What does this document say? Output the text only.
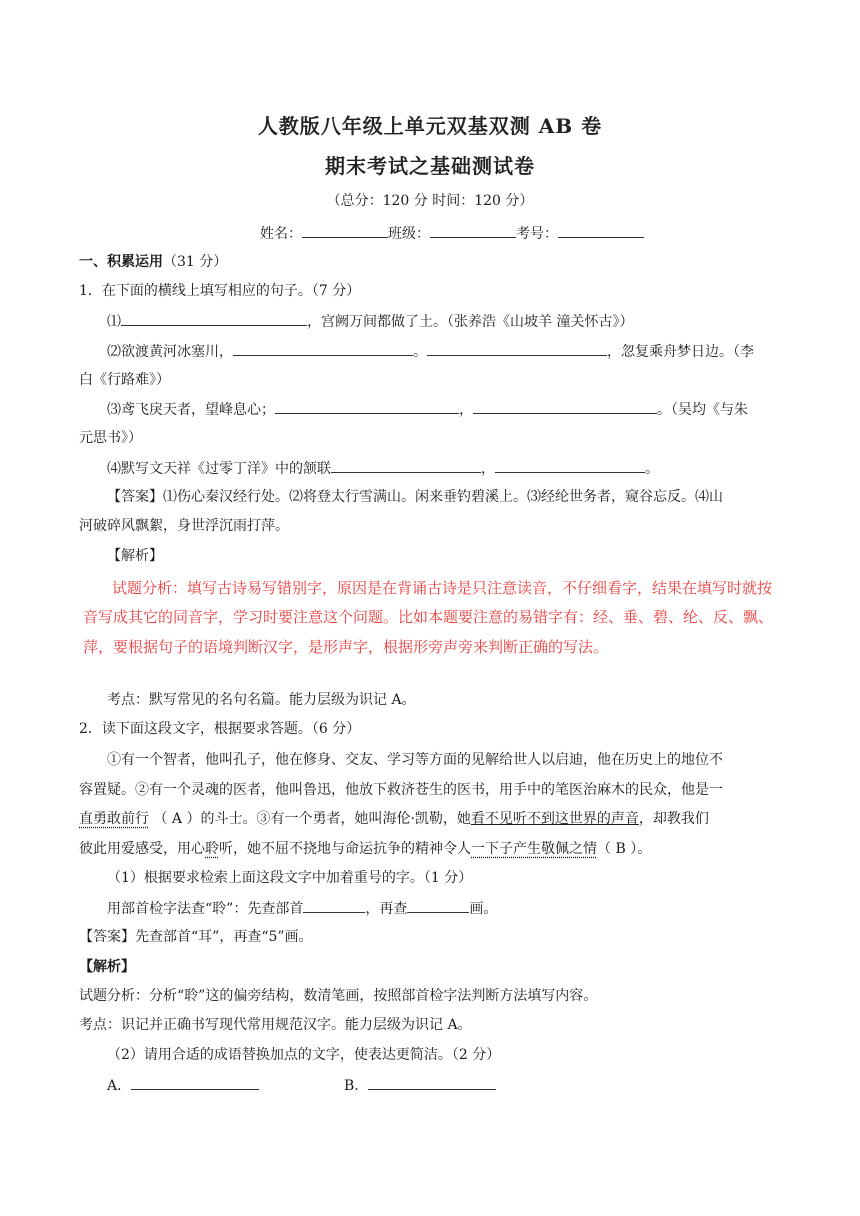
人教版八年级上单元双基双测 AB 卷
期末考试之基础测试卷
（总分：120 分 时间：120 分）
姓名：	班级：	考号：
一、积累运用（31 分）
1．在下面的横线上填写相应的句子。（7 分）
⑴	，宫阙万间都做了土。（张养浩《山坡羊 潼关怀古》）
⑵欲渡黄河冰塞川，	。	，忽复乘舟梦日边。（李
白《行路难》）
⑶鸢飞戾天者，望峰息心；	，	。（吴均《与朱
元思书》）
⑷默写文天祥《过零丁洋》中的颔联	，	。
【答案】⑴伤心秦汉经行处。⑵将登太行雪满山。闲来垂钓碧溪上。⑶经纶世务者，窥谷忘反。⑷山
河破碎风飘絮，身世浮沉雨打萍。
【解析】
试题分析：填写古诗易写错别字，原因是在背诵古诗是只注意读音，不仔细看字，结果在填写时就按
音写成其它的同音字，学习时要注意这个问题。比如本题要注意的易错字有：经、垂、碧、纶、反、飘、
萍，要根据句子的语境判断汉字，是形声字，根据形旁声旁来判断正确的写法。
考点：默写常见的名句名篇。能力层级为识记 A。
2．读下面这段文字，根据要求答题。（6 分）
①有一个智者，他叫孔子，他在修身、交友、学习等方面的见解给世人以启迪，他在历史上的地位不
容置疑。②有一个灵魂的医者，他叫鲁迅，他放下救济苍生的医书，用手中的笔医治麻木的民众，他是一
直勇敢前行 （ A ）的斗士。③有一个勇者，她叫海伦·凯勒，她看不见听不到这世界的声音，却教我们
彼此用爱感受，用心聆听，她不屈不挠地与命运抗争的精神令人一下子产生敬佩之情（ B ）。
（1）根据要求检索上面这段文字中加着重号的字。（1 分）
用部首检字法查“聆”：先查部首	，再查	画。
【答案】先查部首“耳”，再查“5”画。
【解析】
试题分析：分析“聆”这的偏旁结构，数清笔画，按照部首检字法判断方法填写内容。
考点：识记并正确书写现代常用规范汉字。能力层级为识记 A。
（2）请用合适的成语替换加点的文字，使表达更简洁。（2 分）
A．	B．
